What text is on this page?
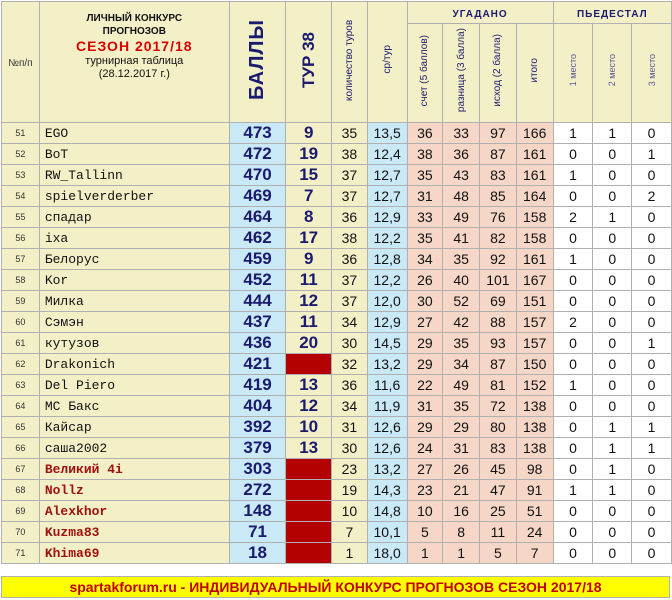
№п/п	ЛИЧНЫЙ КОНКУРС
ПРОГНОЗОВ
СЕЗОН 2017/18
турнирная таблица
(28.12.2017 г.)	БАЛЛЫ	ТУР 38	количество туров	ср/тур	УГАДАНО				ПЬЕДЕСТАЛ		
						счет (5 баллов)	разница (3 балла)	исход (2 балла)	итого	1 место	2 место	3 место
51	EGO	473	9	35	13,5	36	33	97	166	1	1	0
52	BoT	472	19	38	12,4	38	36	87	161	0	0	1
53	RW_Tallinn	470	15	37	12,7	35	43	83	161	1	0	0
54	spielverderber	469	7	37	12,7	31	48	85	164	0	0	2
55	спадар	464	8	36	12,9	33	49	76	158	2	1	0
56	ixa	462	17	38	12,2	35	41	82	158	0	0	0
57	Белорус	459	9	36	12,8	34	35	92	161	1	0	0
58	Kor	452	11	37	12,2	26	40	101	167	0	0	0
59	Милка	444	12	37	12,0	30	52	69	151	0	0	0
60	Сэмэн	437	11	34	12,9	27	42	88	157	2	0	0
61	кутузов	436	20	30	14,5	29	35	93	157	0	0	1
62	Drakonich	421		32	13,2	29	34	87	150	0	0	0
63	Del Piero	419	13	36	11,6	22	49	81	152	1	0	0
64	MC Бакс	404	12	34	11,9	31	35	72	138	0	0	0
65	Кайсар	392	10	31	12,6	29	29	80	138	0	1	1
66	саша2002	379	13	30	12,6	24	31	83	138	0	1	1
67	Великий 4i	303		23	13,2	27	26	45	98	0	1	0
68	Nollz	272		19	14,3	23	21	47	91	1	1	0
69	Alexkhor	148		10	14,8	10	16	25	51	0	0	0
70	Kuzma83	71		7	10,1	5	8	11	24	0	0	0
71	Khima69	18		1	18,0	1	1	5	7	0	0	0
spartakforum.ru - ИНДИВИДУАЛЬНЫЙ КОНКУРС ПРОГНОЗОВ СЕЗОН 2017/18
